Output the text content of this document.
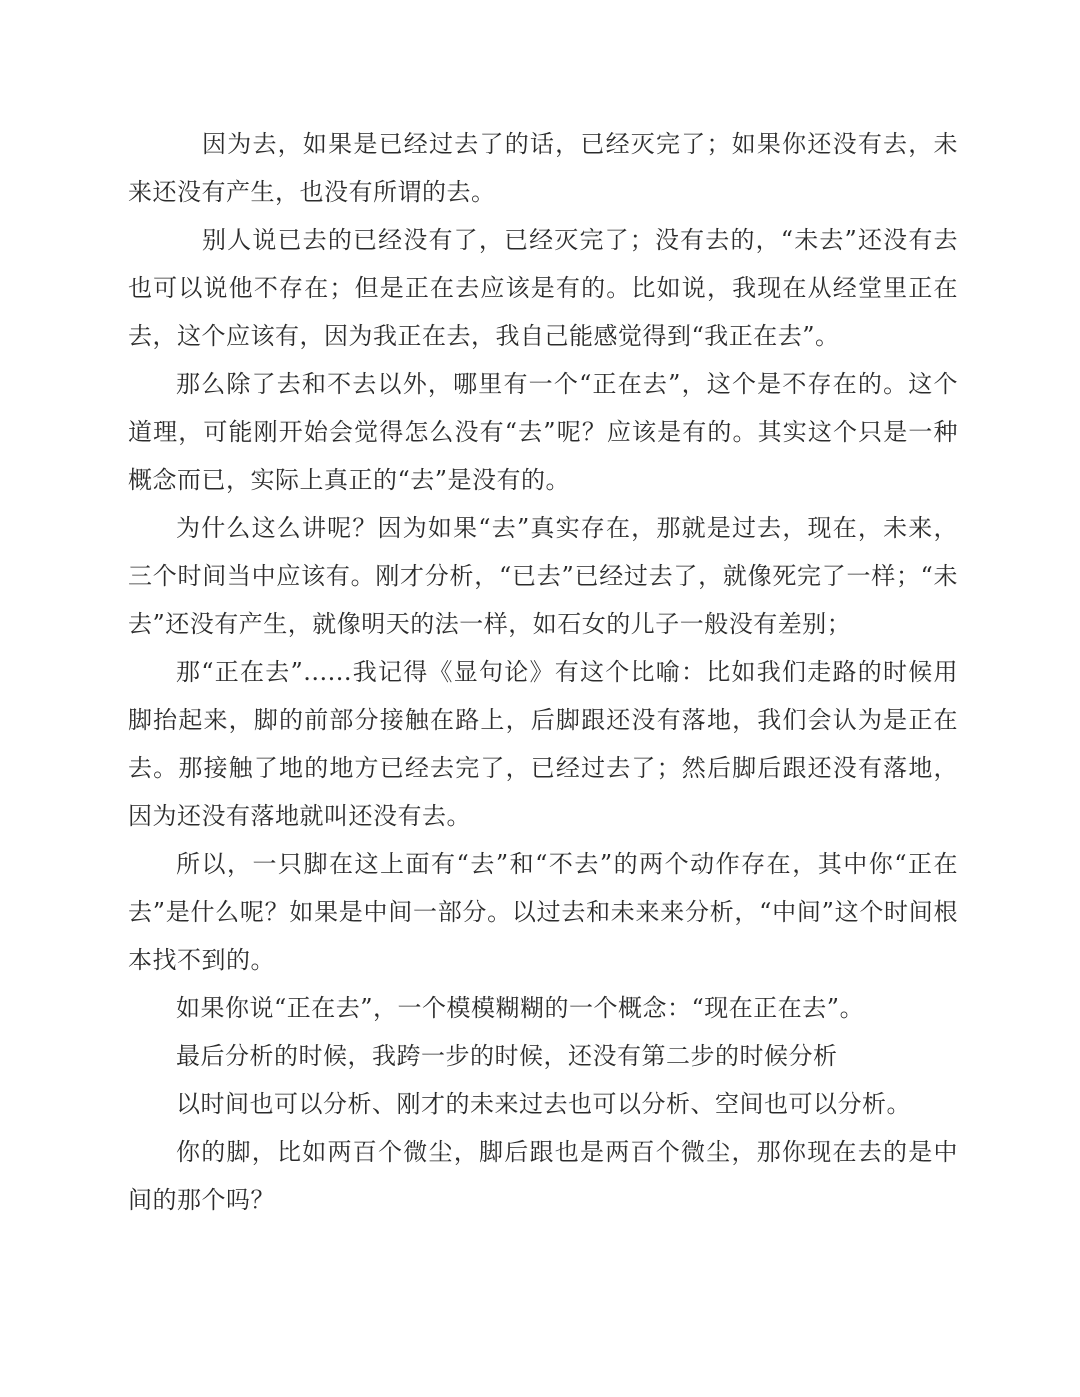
因为去，如果是已经过去了的话，已经灭完了；如果你还没有去，未来还没有产生，也没有所谓的去。

别人说已去的已经没有了，已经灭完了；没有去的，“未去”还没有去也可以说他不存在；但是正在去应该是有的。比如说，我现在从经堂里正在去，这个应该有，因为我正在去，我自己能感觉得到“我正在去”。

那么除了去和不去以外，哪里有一个“正在去”，这个是不存在的。这个道理，可能刚开始会觉得怎么没有“去”呢？应该是有的。其实这个只是一种概念而已，实际上真正的“去”是没有的。

为什么这么讲呢？因为如果“去”真实存在，那就是过去，现在，未来，三个时间当中应该有。刚才分析，“已去”已经过去了，就像死完了一样；“未去”还没有产生，就像明天的法一样，如石女的儿子一般没有差别；

那“正在去”......我记得《显句论》有这个比喻：比如我们走路的时候用脚抬起来，脚的前部分接触在路上，后脚跟还没有落地，我们会认为是正在去。那接触了地的地方已经去完了，已经过去了；然后脚后跟还没有落地，因为还没有落地就叫还没有去。

所以，一只脚在这上面有“去”和“不去”的两个动作存在，其中你“正在去”是什么呢？如果是中间一部分。以过去和未来来分析，“中间”这个时间根本找不到的。

如果你说“正在去”，一个模模糊糊的一个概念：“现在正在去”。

最后分析的时候，我跨一步的时候，还没有第二步的时候分析

以时间也可以分析、刚才的未来过去也可以分析、空间也可以分析。

你的脚，比如两百个微尘，脚后跟也是两百个微尘，那你现在去的是中间的那个吗？
